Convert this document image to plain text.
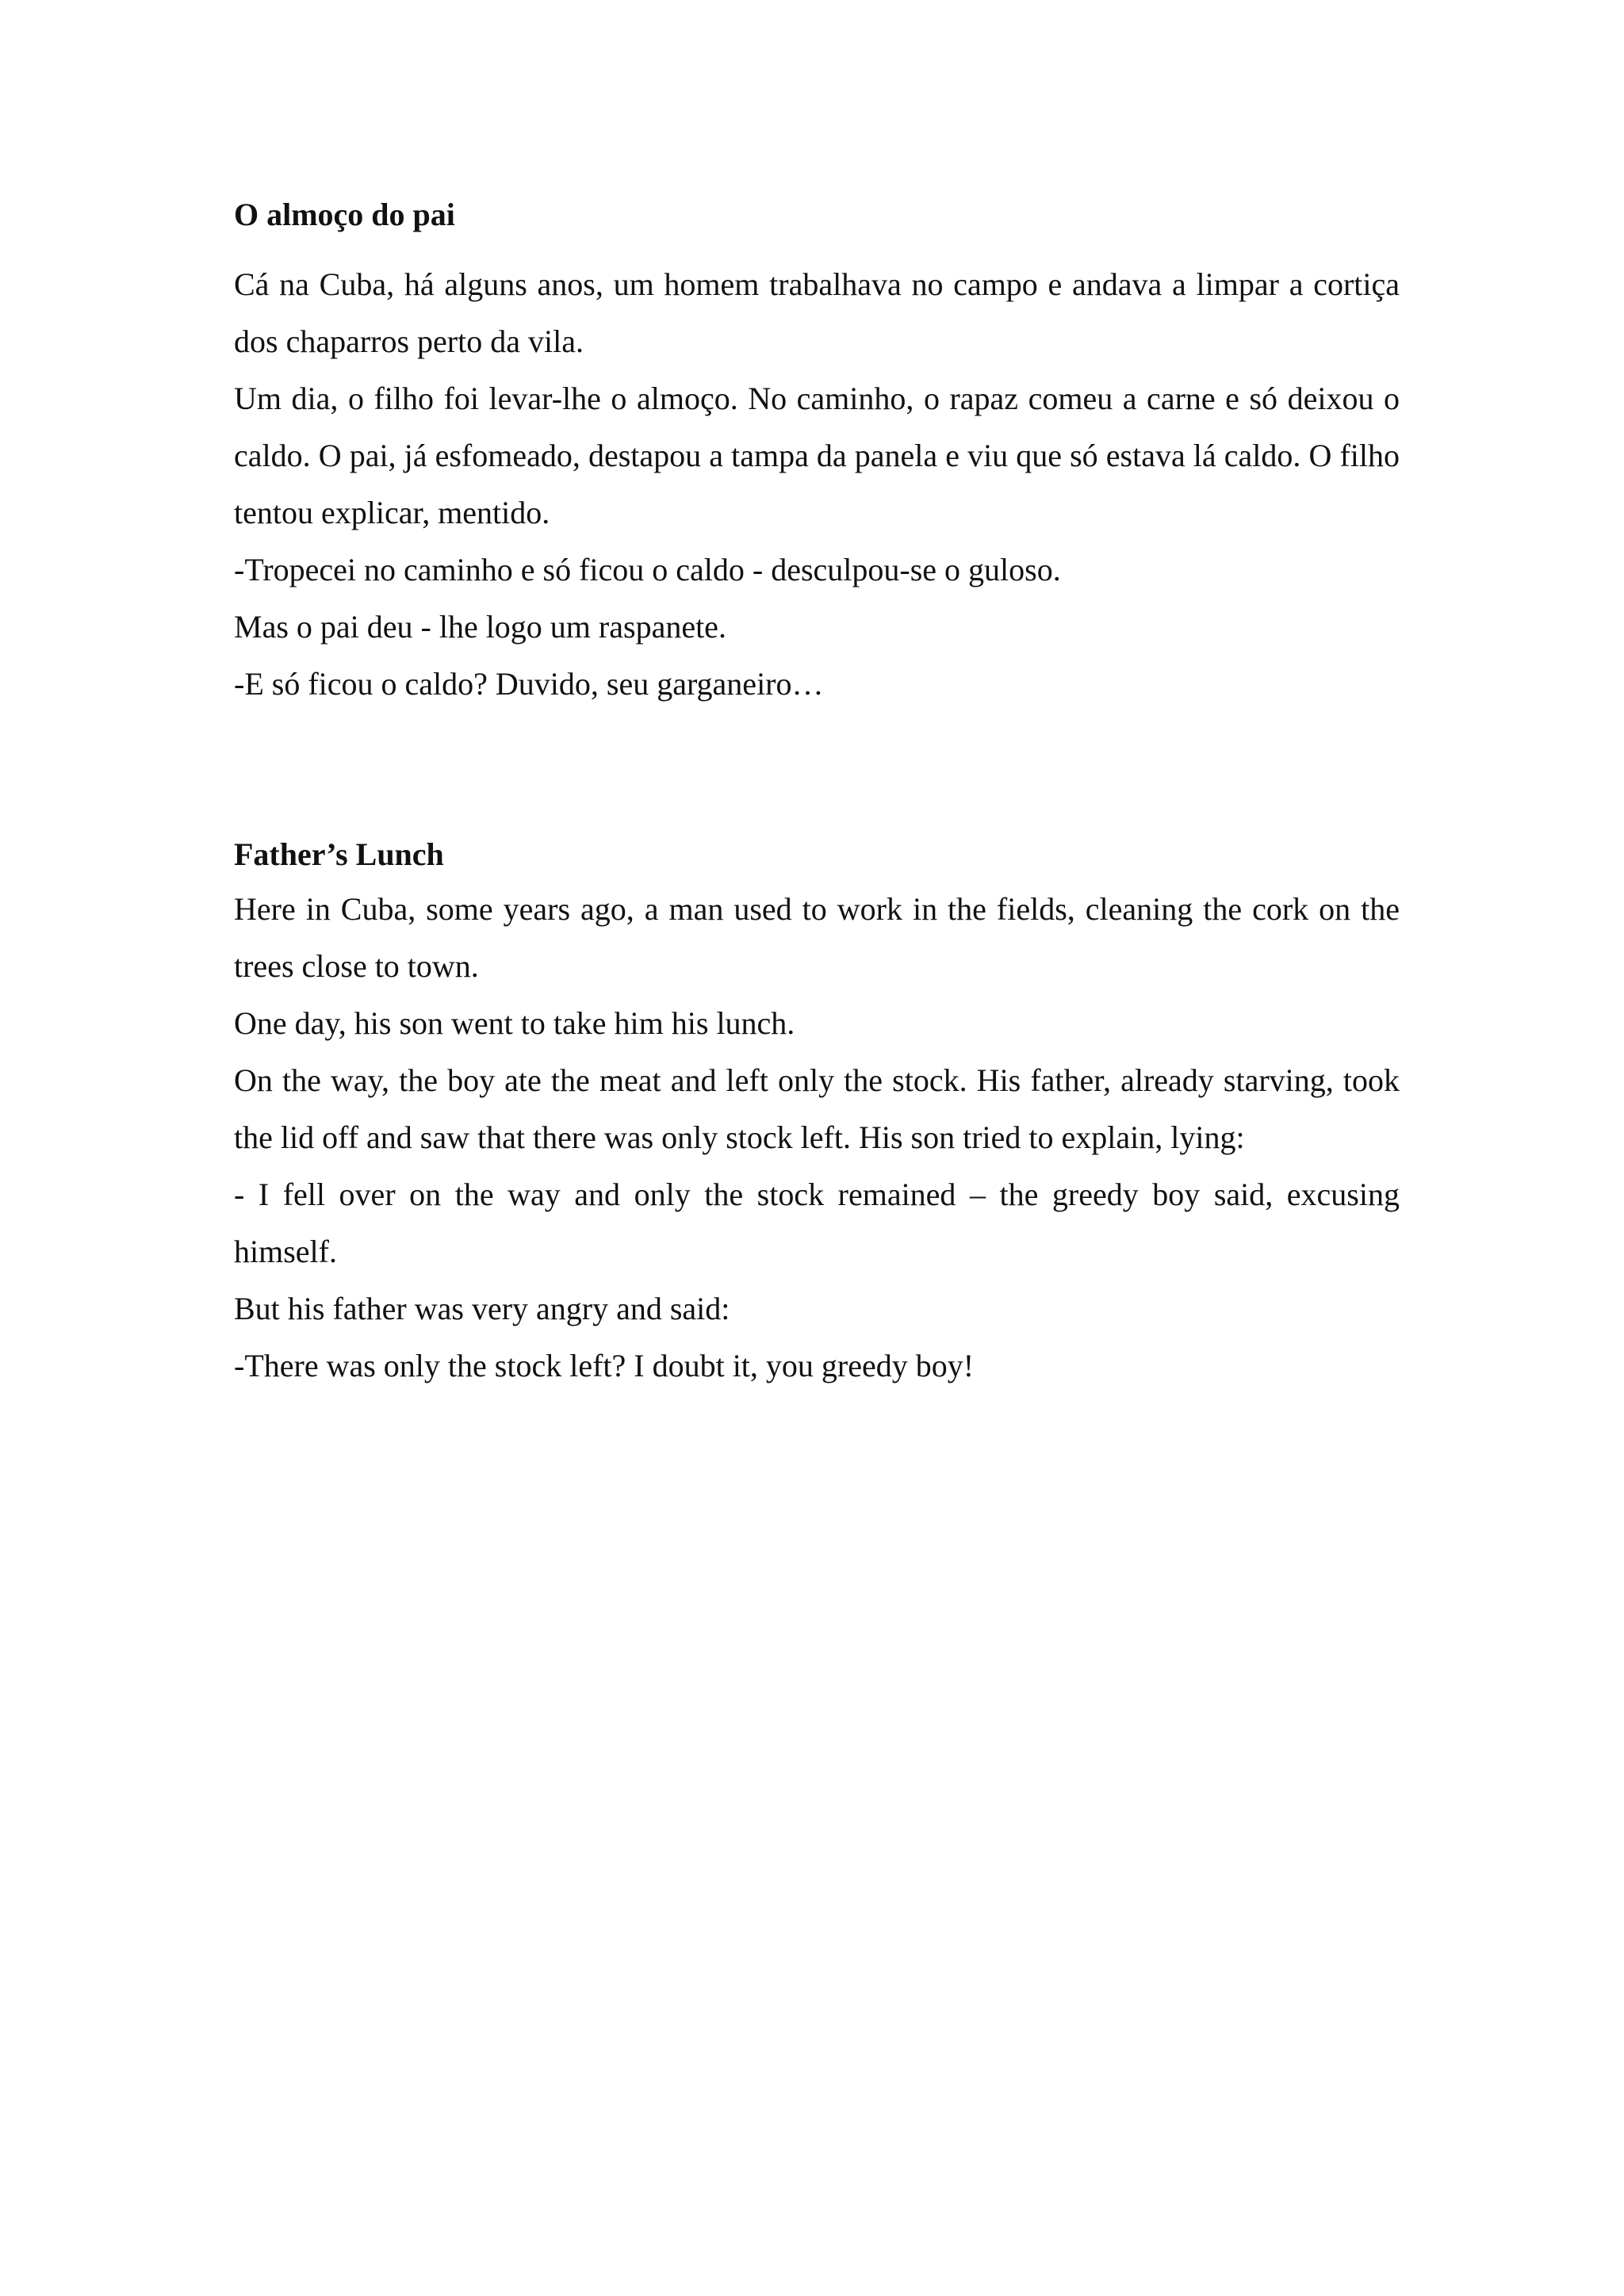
O almoço do pai

Cá na Cuba, há alguns anos, um homem trabalhava no campo e andava a limpar a cortiça dos chaparros perto da vila.

Um dia, o filho foi levar-lhe o almoço. No caminho, o rapaz comeu a carne e só deixou o caldo. O pai, já esfomeado, destapou a tampa da panela e viu que só estava lá caldo. O filho tentou explicar, mentido.

-Tropecei no caminho e só ficou o caldo - desculpou-se o guloso.

Mas o pai deu - lhe logo um raspanete.

-E só ficou o caldo? Duvido, seu garganeiro…

Father’s Lunch

Here in Cuba, some years ago, a man used to work in the fields, cleaning the cork on the trees close to town.

One day, his son went to take him his lunch.

On the way, the boy ate the meat and left only the stock. His father, already starving, took the lid off and saw that there was only stock left. His son tried to explain, lying:

- I fell over on the way and only the stock remained – the greedy boy said, excusing himself.

But his father was very angry and said:

-There was only the stock left? I doubt it, you greedy boy!
